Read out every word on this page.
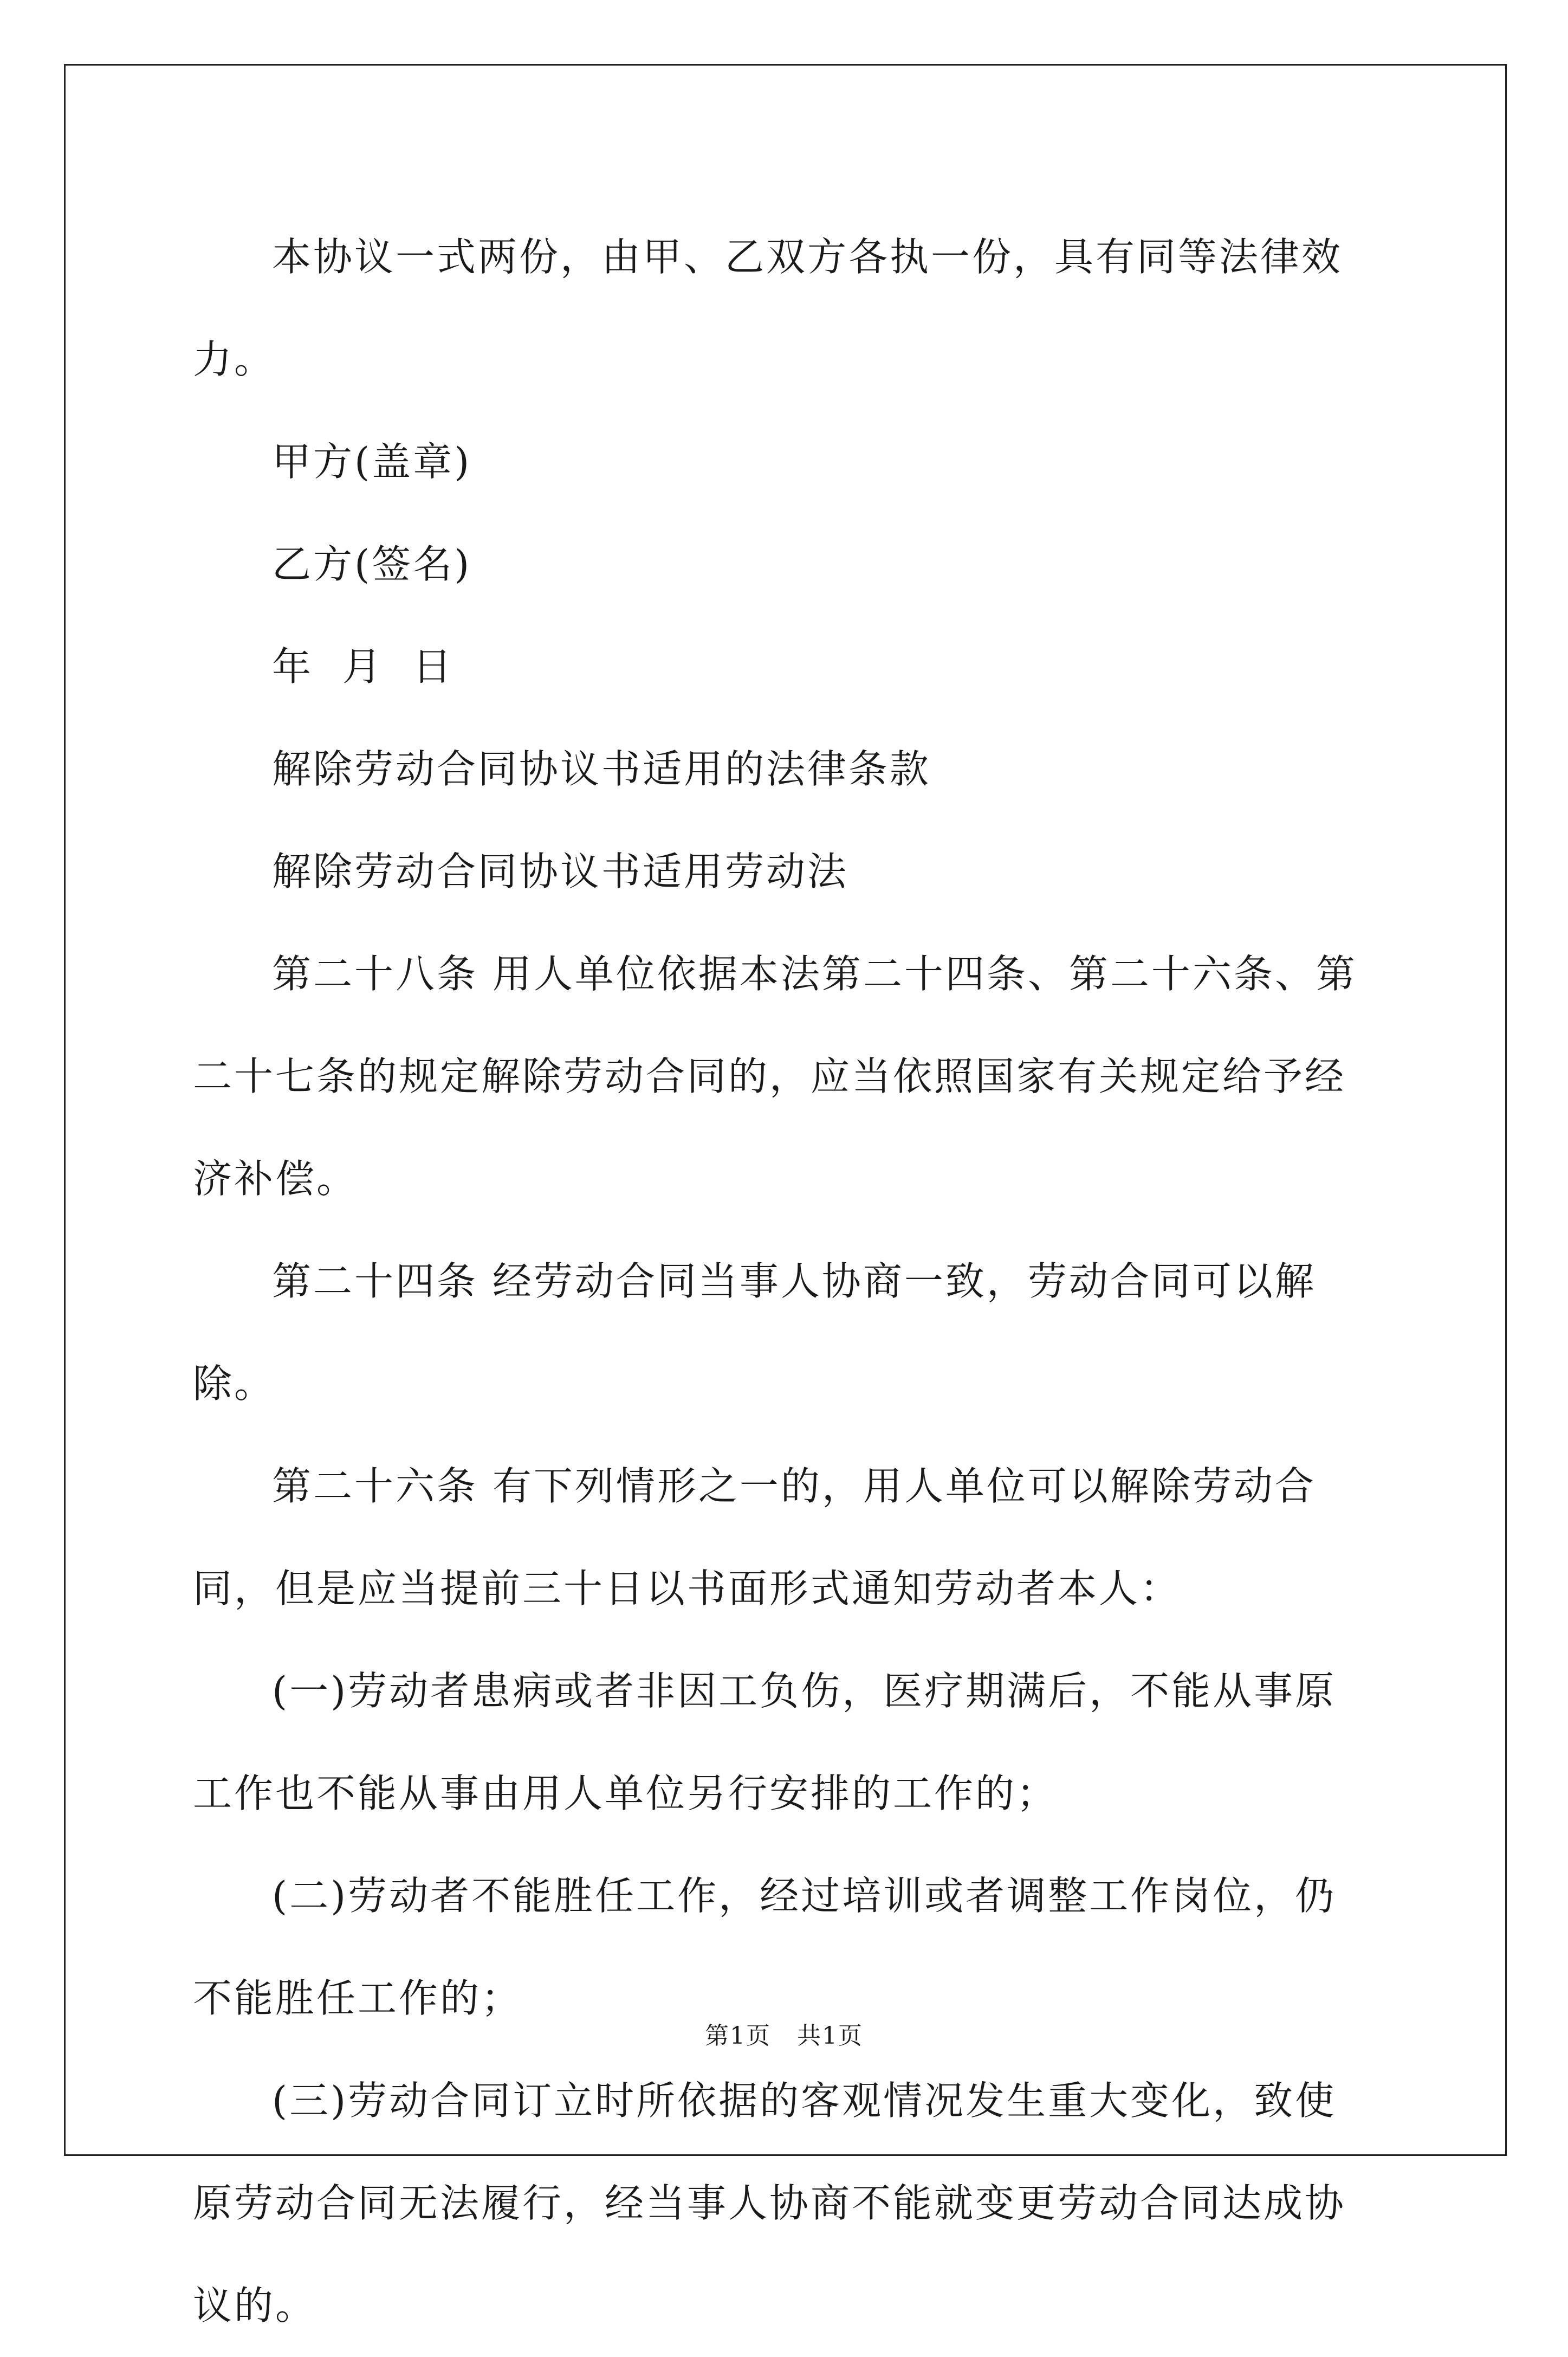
本协议一式两份，由甲、乙双方各执一份，具有同等法律效力。

甲方(盖章)

乙方(签名)

年  月  日

解除劳动合同协议书适用的法律条款

解除劳动合同协议书适用劳动法

第二十八条 用人单位依据本法第二十四条、第二十六条、第二十七条的规定解除劳动合同的，应当依照国家有关规定给予经济补偿。

第二十四条 经劳动合同当事人协商一致，劳动合同可以解除。

第二十六条 有下列情形之一的，用人单位可以解除劳动合同，但是应当提前三十日以书面形式通知劳动者本人：

(一)劳动者患病或者非因工负伤，医疗期满后，不能从事原工作也不能从事由用人单位另行安排的工作的；

(二)劳动者不能胜任工作，经过培训或者调整工作岗位，仍不能胜任工作的；

(三)劳动合同订立时所依据的客观情况发生重大变化，致使原劳动合同无法履行，经当事人协商不能就变更劳动合同达成协议的。

第1页   共1页
